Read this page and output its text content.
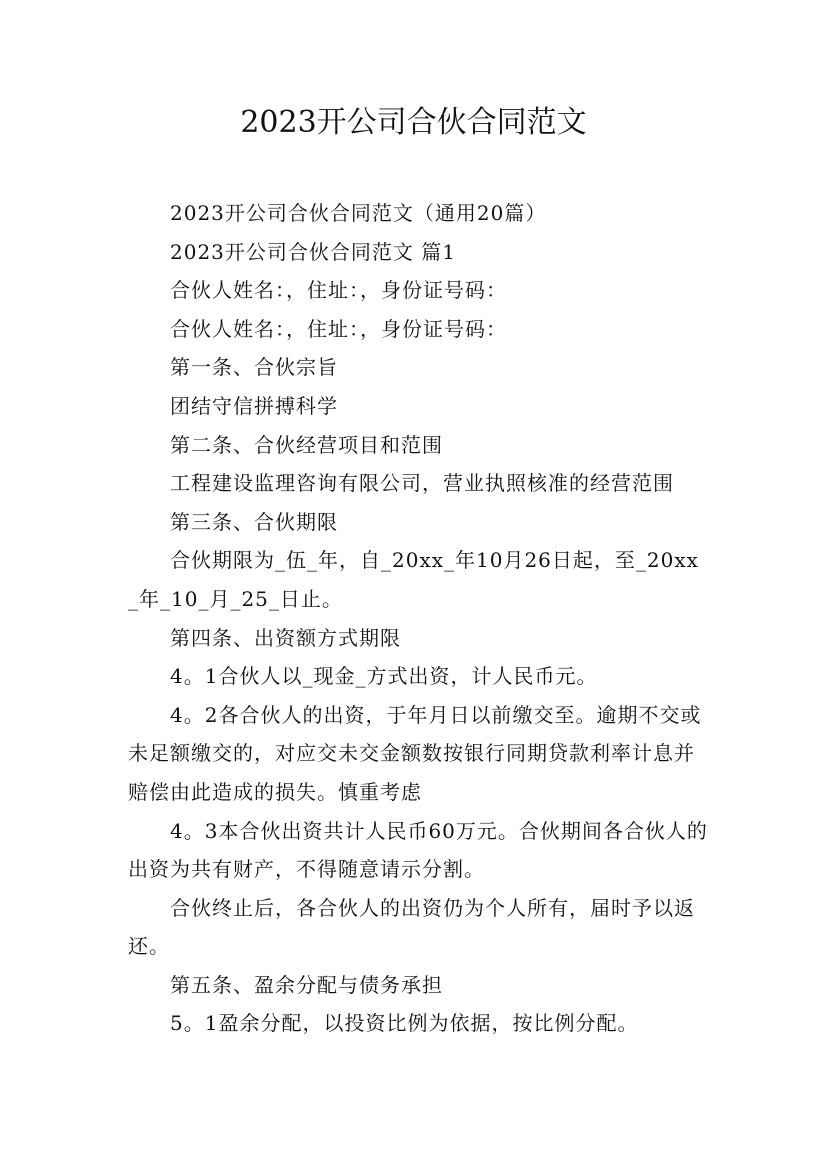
2023开公司合伙合同范文

2023开公司合伙合同范文（通用20篇）

2023开公司合伙合同范文 篇1

合伙人姓名：，住址：，身份证号码：

合伙人姓名：，住址：，身份证号码：

第一条、合伙宗旨

团结守信拼搏科学

第二条、合伙经营项目和范围

工程建设监理咨询有限公司，营业执照核准的经营范围

第三条、合伙期限

合伙期限为_伍_年，自_20xx_年10月26日起，至_20xx_年_10_月_25_日止。

第四条、出资额方式期限

4。1合伙人以_现金_方式出资，计人民币元。

4。2各合伙人的出资，于年月日以前缴交至。逾期不交或未足额缴交的，对应交未交金额数按银行同期贷款利率计息并赔偿由此造成的损失。慎重考虑

4。3本合伙出资共计人民币60万元。合伙期间各合伙人的出资为共有财产，不得随意请示分割。

合伙终止后，各合伙人的出资仍为个人所有，届时予以返还。

第五条、盈余分配与债务承担

5。1盈余分配，以投资比例为依据，按比例分配。
